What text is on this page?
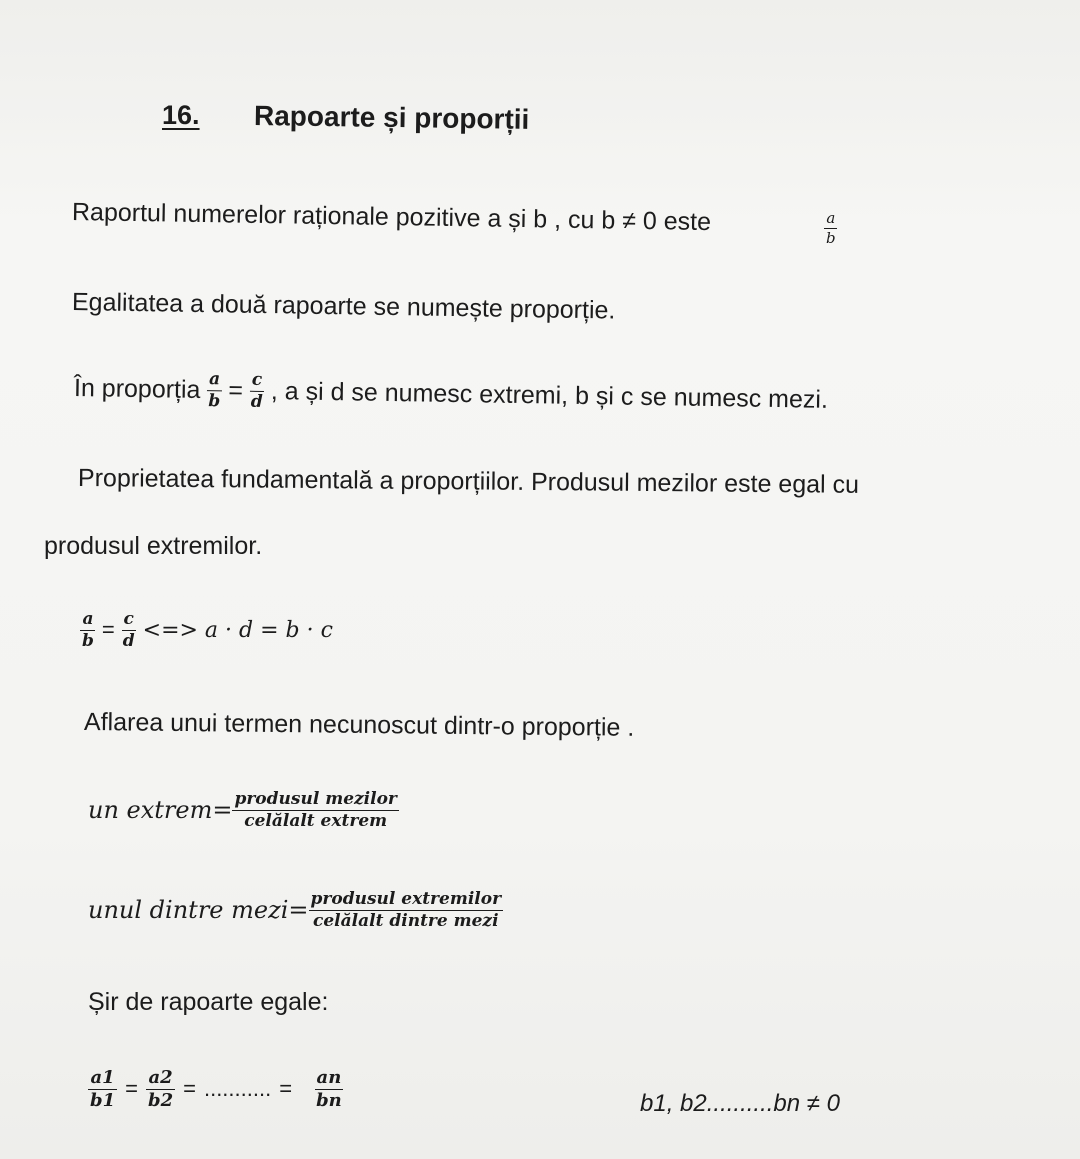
16. Rapoarte și proporții
Raportul numerelor raționale pozitive a și b , cu b ≠ 0 este	$\frac{a}{b}$
Egalitatea a două rapoarte se numește proporție.
În proporția $\frac{a}{b} = \frac{c}{d}$ , a și d se numesc extremi, b și c se numesc mezi.
Proprietatea fundamentală a proporțiilor. Produsul mezilor este egal cu
produsul extremilor.
$\frac{a}{b} = \frac{c}{d}$ <=> a · d = b · c
Aflarea unui termen necunoscut dintr-o proporție .
un extrem= $\frac{\text{produsul mezilor}}{\text{celălalt extrem}}$
unul dintre mezi= $\frac{\text{produsul extremilor}}{\text{celălalt dintre mezi}}$
Șir de rapoarte egale:
$\frac{a1}{b1} = \frac{a2}{b2}$ = ........... = $\frac{an}{bn}$	b1, b2..........bn ≠ 0
